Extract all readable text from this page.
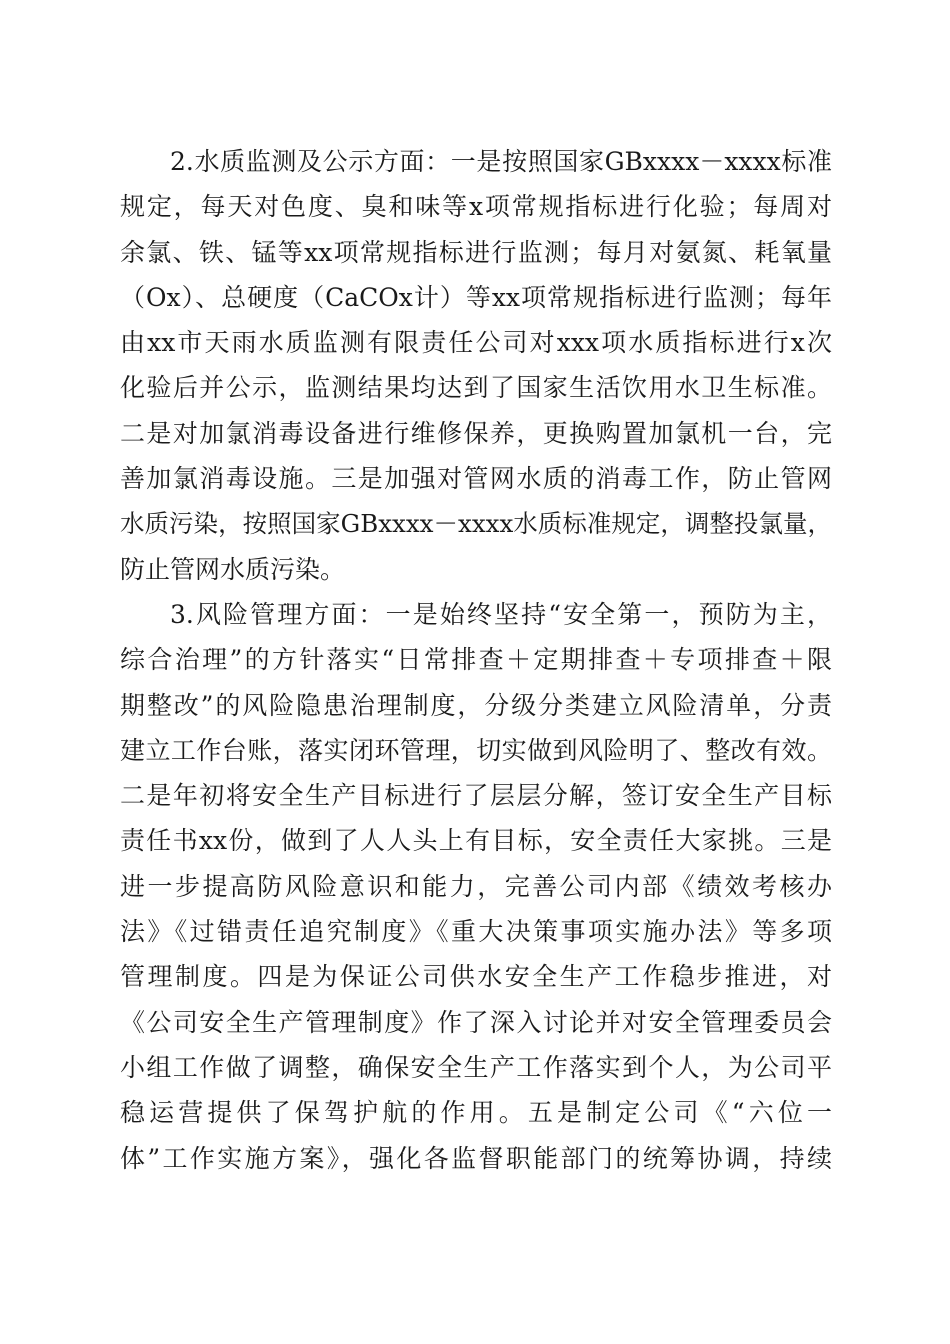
2.水质监测及公示方面：一是按照国家GBxxxx－xxxx标准
规定，每天对色度、臭和味等x项常规指标进行化验；每周对
余氯、铁、锰等xx项常规指标进行监测；每月对氨氮、耗氧量
（Ox）、总硬度（CaCOx计）等xx项常规指标进行监测；每年
由xx市天雨水质监测有限责任公司对xxx项水质指标进行x次
化验后并公示，监测结果均达到了国家生活饮用水卫生标准。
二是对加氯消毒设备进行维修保养，更换购置加氯机一台，完
善加氯消毒设施。三是加强对管网水质的消毒工作，防止管网
水质污染，按照国家GBxxxx－xxxx水质标准规定，调整投氯量，
防止管网水质污染。
3.风险管理方面：一是始终坚持“安全第一，预防为主，
综合治理”的方针落实“日常排查＋定期排查＋专项排查＋限
期整改”的风险隐患治理制度，分级分类建立风险清单，分责
建立工作台账，落实闭环管理，切实做到风险明了、整改有效。
二是年初将安全生产目标进行了层层分解，签订安全生产目标
责任书xx份，做到了人人头上有目标，安全责任大家挑。三是
进一步提高防风险意识和能力，完善公司内部《绩效考核办
法》《过错责任追究制度》《重大决策事项实施办法》等多项
管理制度。四是为保证公司供水安全生产工作稳步推进，对
《公司安全生产管理制度》作了深入讨论并对安全管理委员会
小组工作做了调整，确保安全生产工作落实到个人，为公司平
稳运营提供了保驾护航的作用。五是制定公司《“六位一
体”工作实施方案》，强化各监督职能部门的统筹协调，持续
